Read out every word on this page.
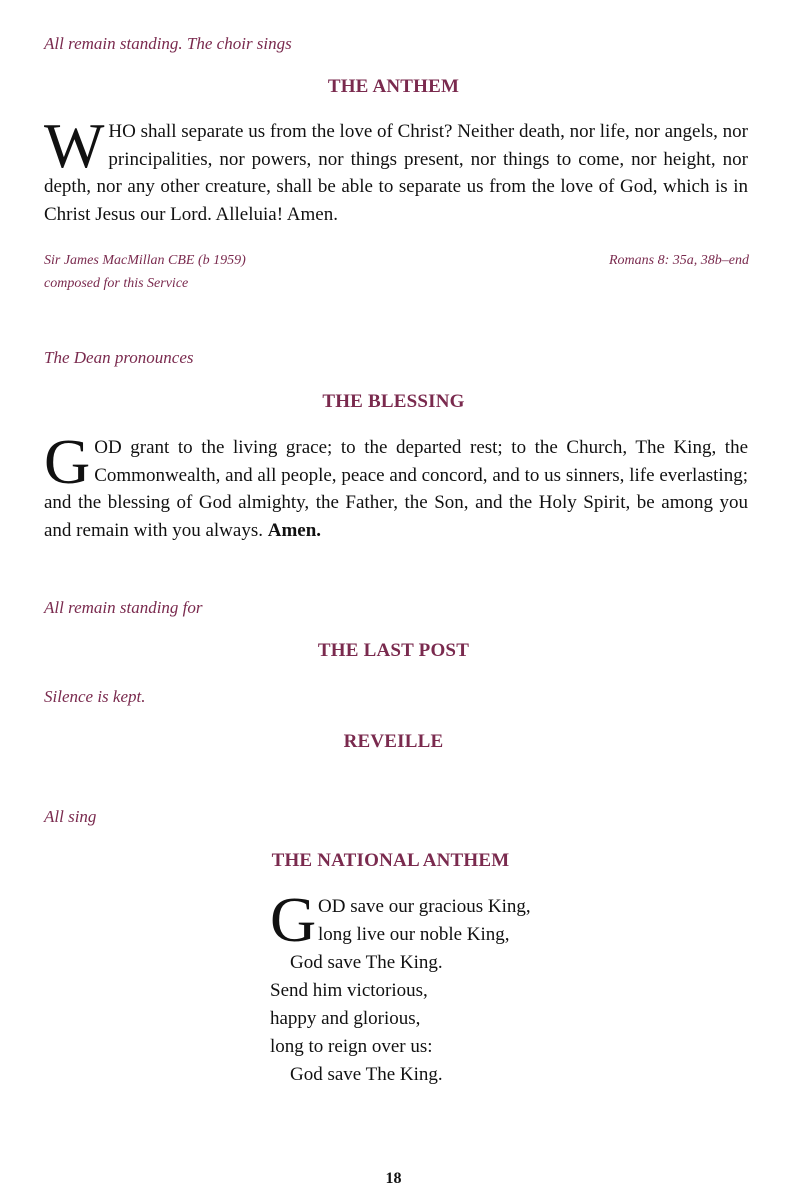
All remain standing. The choir sings
THE ANTHEM

WHO shall separate us from the love of Christ? Neither death, nor life, nor angels, nor principalities, nor powers, nor things present, nor things to come, nor height, nor depth, nor any other creature, shall be able to separate us from the love of God, which is in Christ Jesus our Lord. Alleluia! Amen.

Sir James MacMillan CBE (b 1959)
composed for this Service
Romans 8: 35a, 38b–end
The Dean pronounces
THE BLESSING

GOD grant to the living grace; to the departed rest; to the Church, The King, the Commonwealth, and all people, peace and concord, and to us sinners, life everlasting; and the blessing of God almighty, the Father, the Son, and the Holy Spirit, be among you and remain with you always. Amen.

All remain standing for
THE LAST POST
Silence is kept.
REVEILLE
All sing
THE NATIONAL ANTHEM
G OD save our gracious King,
long live our noble King,
God save The King.
Send him victorious,
happy and glorious,
long to reign over us:
God save The King.
18
